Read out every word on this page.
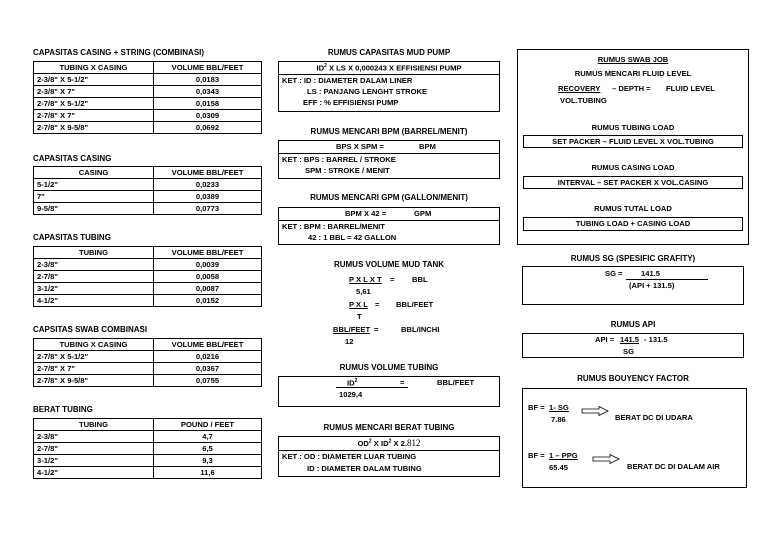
CAPASITAS CASING + STRING (COMBINASI)
TUBING X CASING	VOLUME BBL/FEET
2-3/8" X 5-1/2"	0,0183
2-3/8" X 7"	0,0343
2-7/8" X 5-1/2"	0,0158
2-7/8" X 7"	0,0309
2-7/8" X 9-5/8"	0,0692
CAPASITAS CASING
CASING	VOLUME BBL/FEET
5-1/2"	0,0233
7"	0,0389
9-5/8"	0,0773
CAPASITAS TUBING
TUBING	VOLUME BBL/FEET
2-3/8"	0,0039
2-7/8"	0,0058
3-1/2"	0,0087
4-1/2"	0,0152
CAPSITAS SWAB COMBINASI
TUBING X CASING	VOLUME BBL/FEET
2-7/8" X 5-1/2"	0,0216
2-7/8" X 7"	0,0367
2-7/8" X 9-5/8"	0,0755
BERAT TUBING
TUBING	POUND / FEET
2-3/8"	4,7
2-7/8"	6,5
3-1/2"	9,3
4-1/2"	11,6
RUMUS CAPASITAS MUD PUMP
$ID^2$ X LS X 0,000243 X EFFISIENSI PUMP
KET : ID : DIAMETER DALAM LINER
LS : PANJANG LENGHT STROKE
EFF : % EFFISIENSI PUMP
RUMUS MENCARI BPM (BARREL/MENIT)
BPS X SPM =	BPM
KET : BPS : BARREL / STROKE
SPM : STROKE / MENIT
RUMUS MENCARI GPM (GALLON/MENIT)
BPM X 42 =	GPM
KET : BPM : BARREL/MENIT
42 : 1 BBL = 42 GALLON
RUMUS VOLUME MUD TANK
P X L X T = BBL
5,61
P X L = BBL/FEET
T
BBL/FEET =	BBL/INCHI
12
RUMUS VOLUME TUBING
$ID^2$	=	BBL/FEET
1029,4
RUMUS MENCARI BERAT TUBING
$OD^2$ X $ID^2$ X 2.812
KET : OD : DIAMETER LUAR TUBING
ID : DIAMETER DALAM TUBING
RUMUS SWAB JOB
RUMUS MENCARI FLUID LEVEL
RECOVERY	– DEPTH =	FLUID LEVEL
VOL.TUBING
RUMUS TUBING LOAD
SET PACKER – FLUID LEVEL X VOL.TUBING
RUMUS CASING LOAD
INTERVAL – SET PACKER X VOL.CASING
RUMUS TUTAL LOAD
TUBING LOAD + CASING LOAD
RUMUS SG (SPESIFIC GRAFITY)
SG =	141.5
(API + 131.5)
RUMUS API
API = 141.5 - 131.5
SG
RUMUS BOUYENCY FACTOR
BF = 1- SG
7.86	BERAT DC DI UDARA
BF = 1 – PPG
65.45	BERAT DC DI DALAM AIR
